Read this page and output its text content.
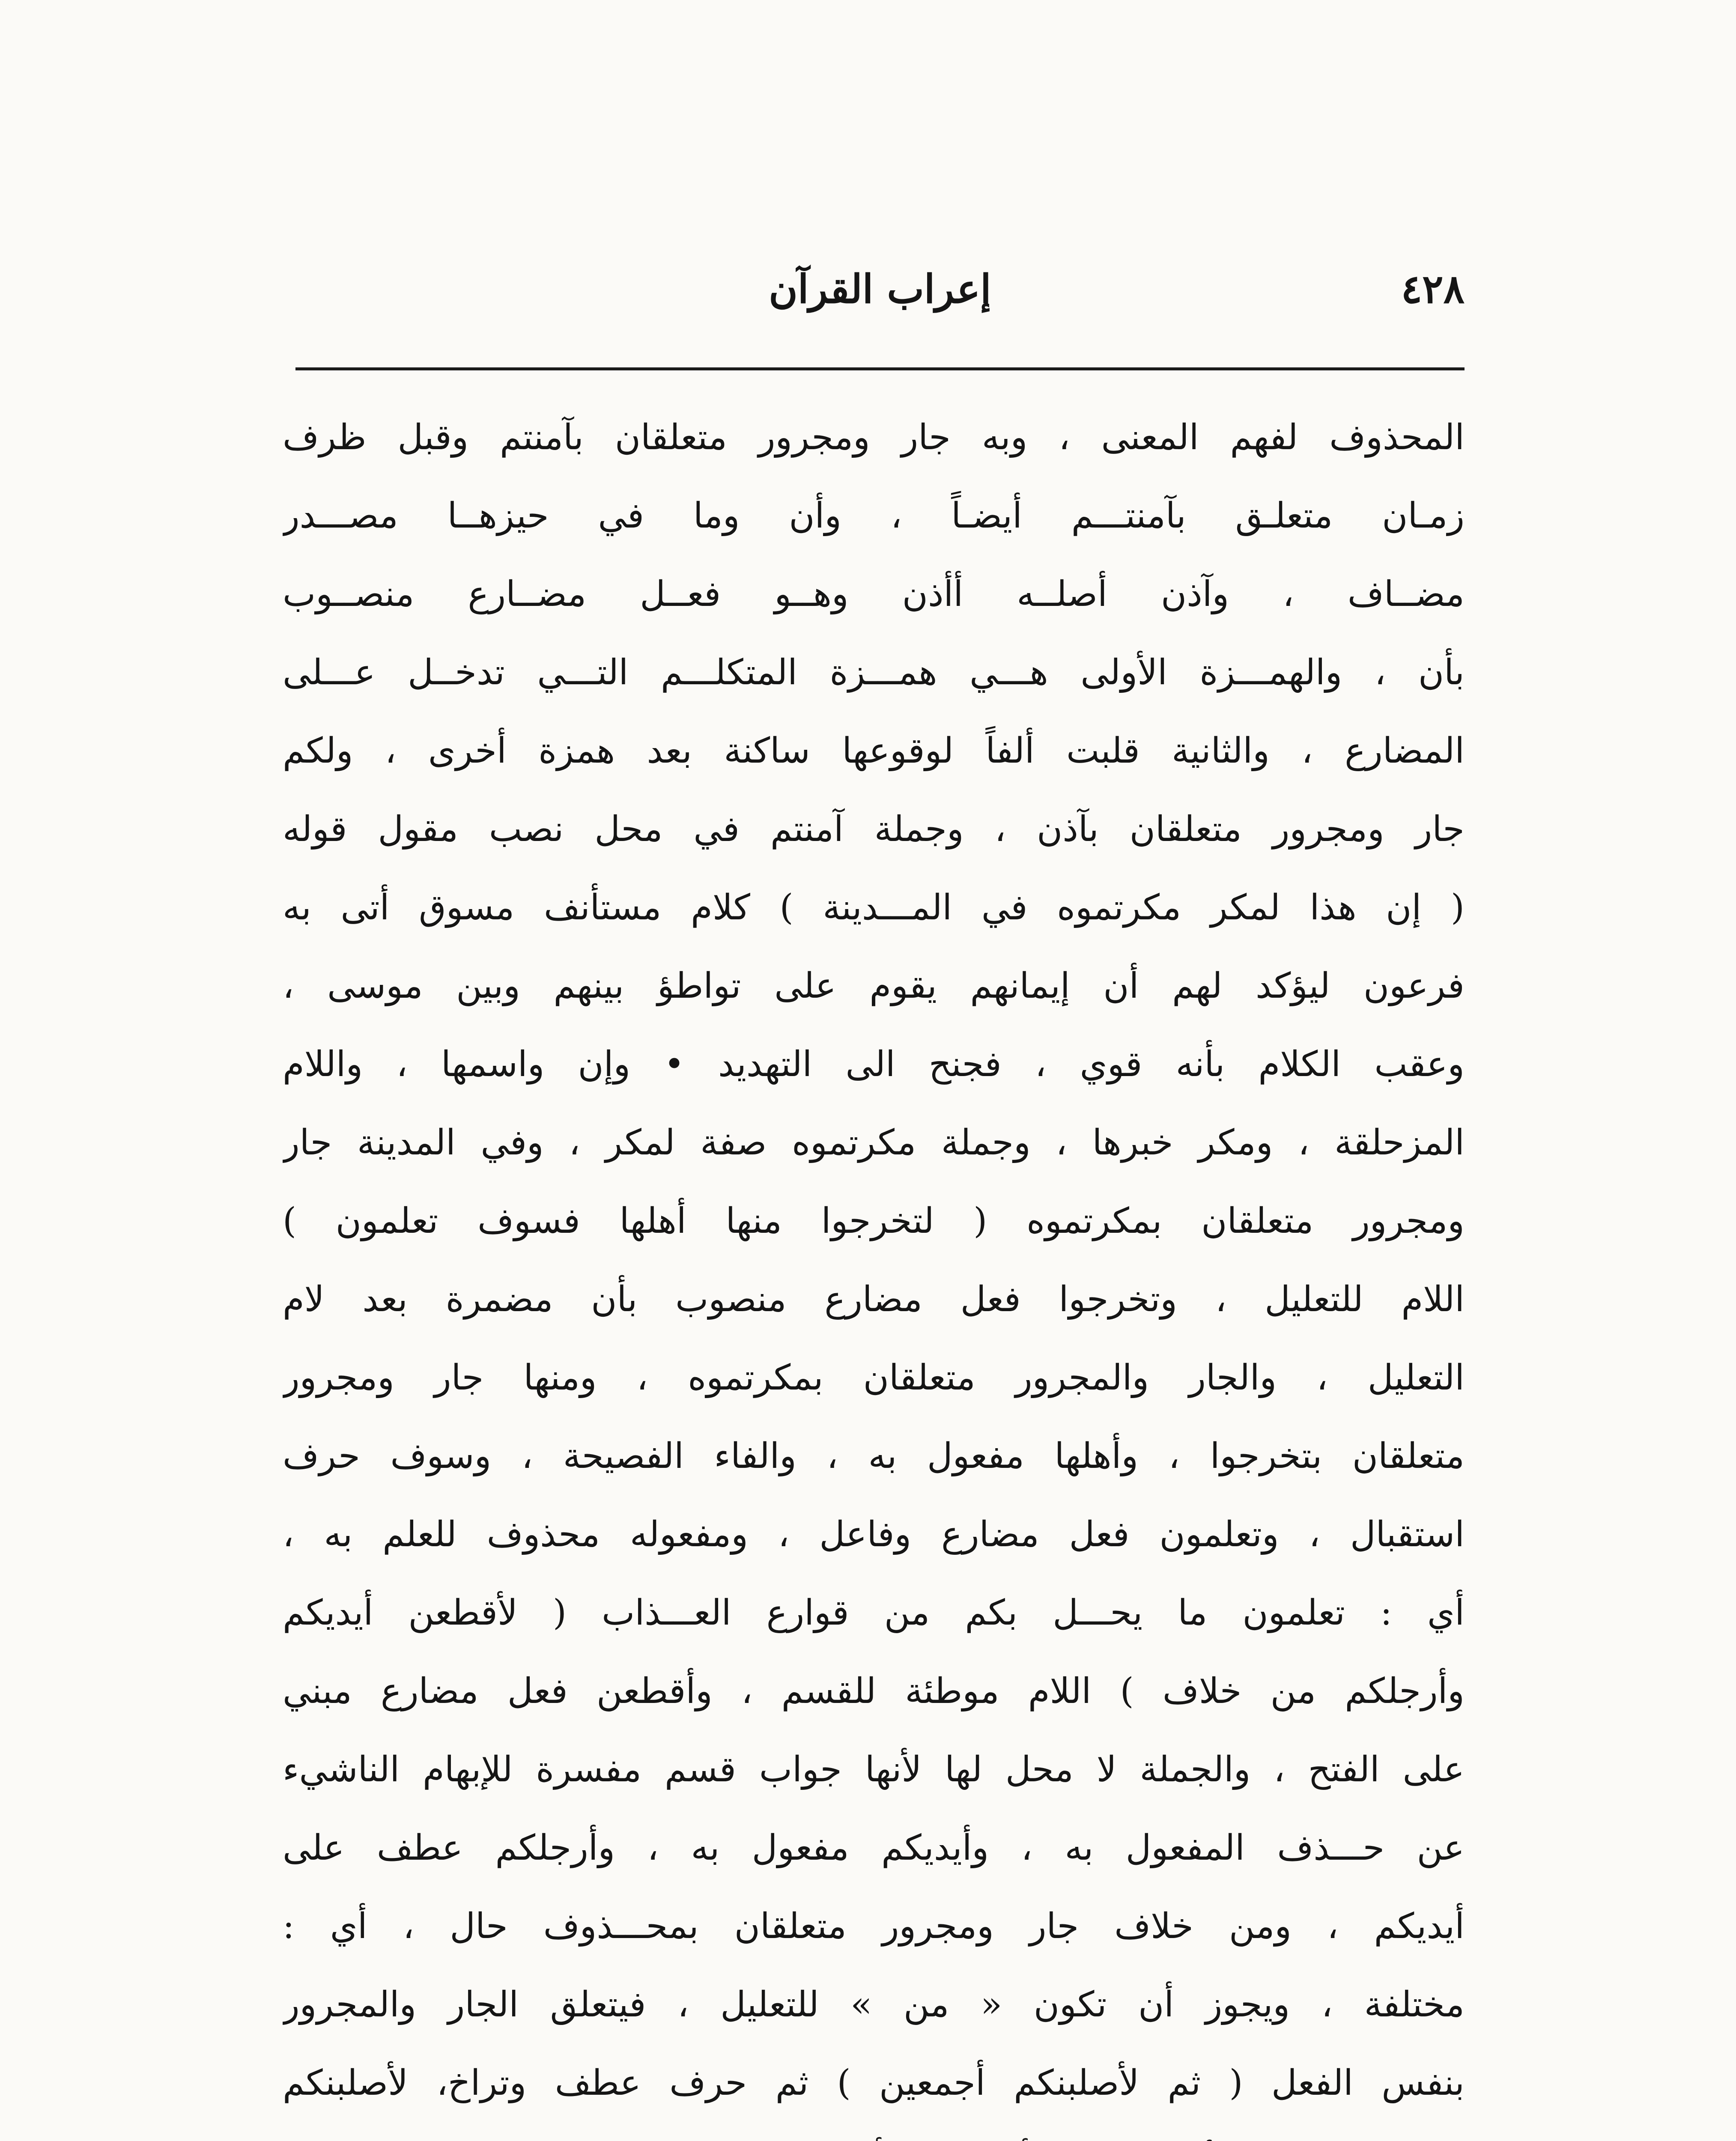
٤٢٨
إعراب القرآن
المحذوف لفهم المعنى ، وبه جار ومجرور متعلقان بآمنتم وقبل ظرف
زمـان متعلـق بآمنتـــم أيضـاً ، وأن وما في حيزهــا مصـــدر
مضــاف ، وآذن أصلــه أأذن وهــو فعــل مضــارع منصــوب
بأن ، والهمـــزة الأولى هـــي همـــزة المتكلـــم التـــي تدخــل عـــلى
المضارع ، والثانية قلبت ألفاً لوقوعها ساكنة بعد همزة أخرى ، ولكم
جار ومجرور متعلقان بآذن ، وجملة آمنتم في محل نصب مقول قوله
( إن هذا لمكر مكرتموه في المـــدينة ) كلام مستأنف مسوق أتى به
فرعون ليؤكد لهم أن إيمانهم يقوم على تواطؤ بينهم وبين موسى ،
وعقب الكلام بأنه قوي ، فجنح الى التهديد • وإن واسمها ، واللام
المزحلقة ، ومكر خبرها ، وجملة مكرتموه صفة لمكر ، وفي المدينة جار
ومجرور متعلقان بمكرتموه ( لتخرجوا منها أهلها فسوف تعلمون )
اللام للتعليل ، وتخرجوا فعل مضارع منصوب بأن مضمرة بعد لام
التعليل ، والجار والمجرور متعلقان بمكرتموه ، ومنها جار ومجرور
متعلقان بتخرجوا ، وأهلها مفعول به ، والفاء الفصيحة ، وسوف حرف
استقبال ، وتعلمون فعل مضارع وفاعل ، ومفعوله محذوف للعلم به ،
أي : تعلمون ما يحـــل بكم من قوارع العـــذاب ( لأقطعن أيديكم
وأرجلكم من خلاف ) اللام موطئة للقسم ، وأقطعن فعل مضارع مبني
على الفتح ، والجملة لا محل لها لأنها جواب قسم مفسرة للإبهام الناشيء
عن حـــذف المفعول به ، وأيديكم مفعول به ، وأرجلكم عطف على
أيديكم ، ومن خلاف جار ومجرور متعلقان بمحـــذوف حال ، أي :
مختلفة ، ويجوز أن تكون « من » للتعليل ، فيتعلق الجار والمجرور
بنفس الفعل ( ثم لأصلبنكم أجمعين ) ثم حرف عطف وتراخ، لأصلبنكم
